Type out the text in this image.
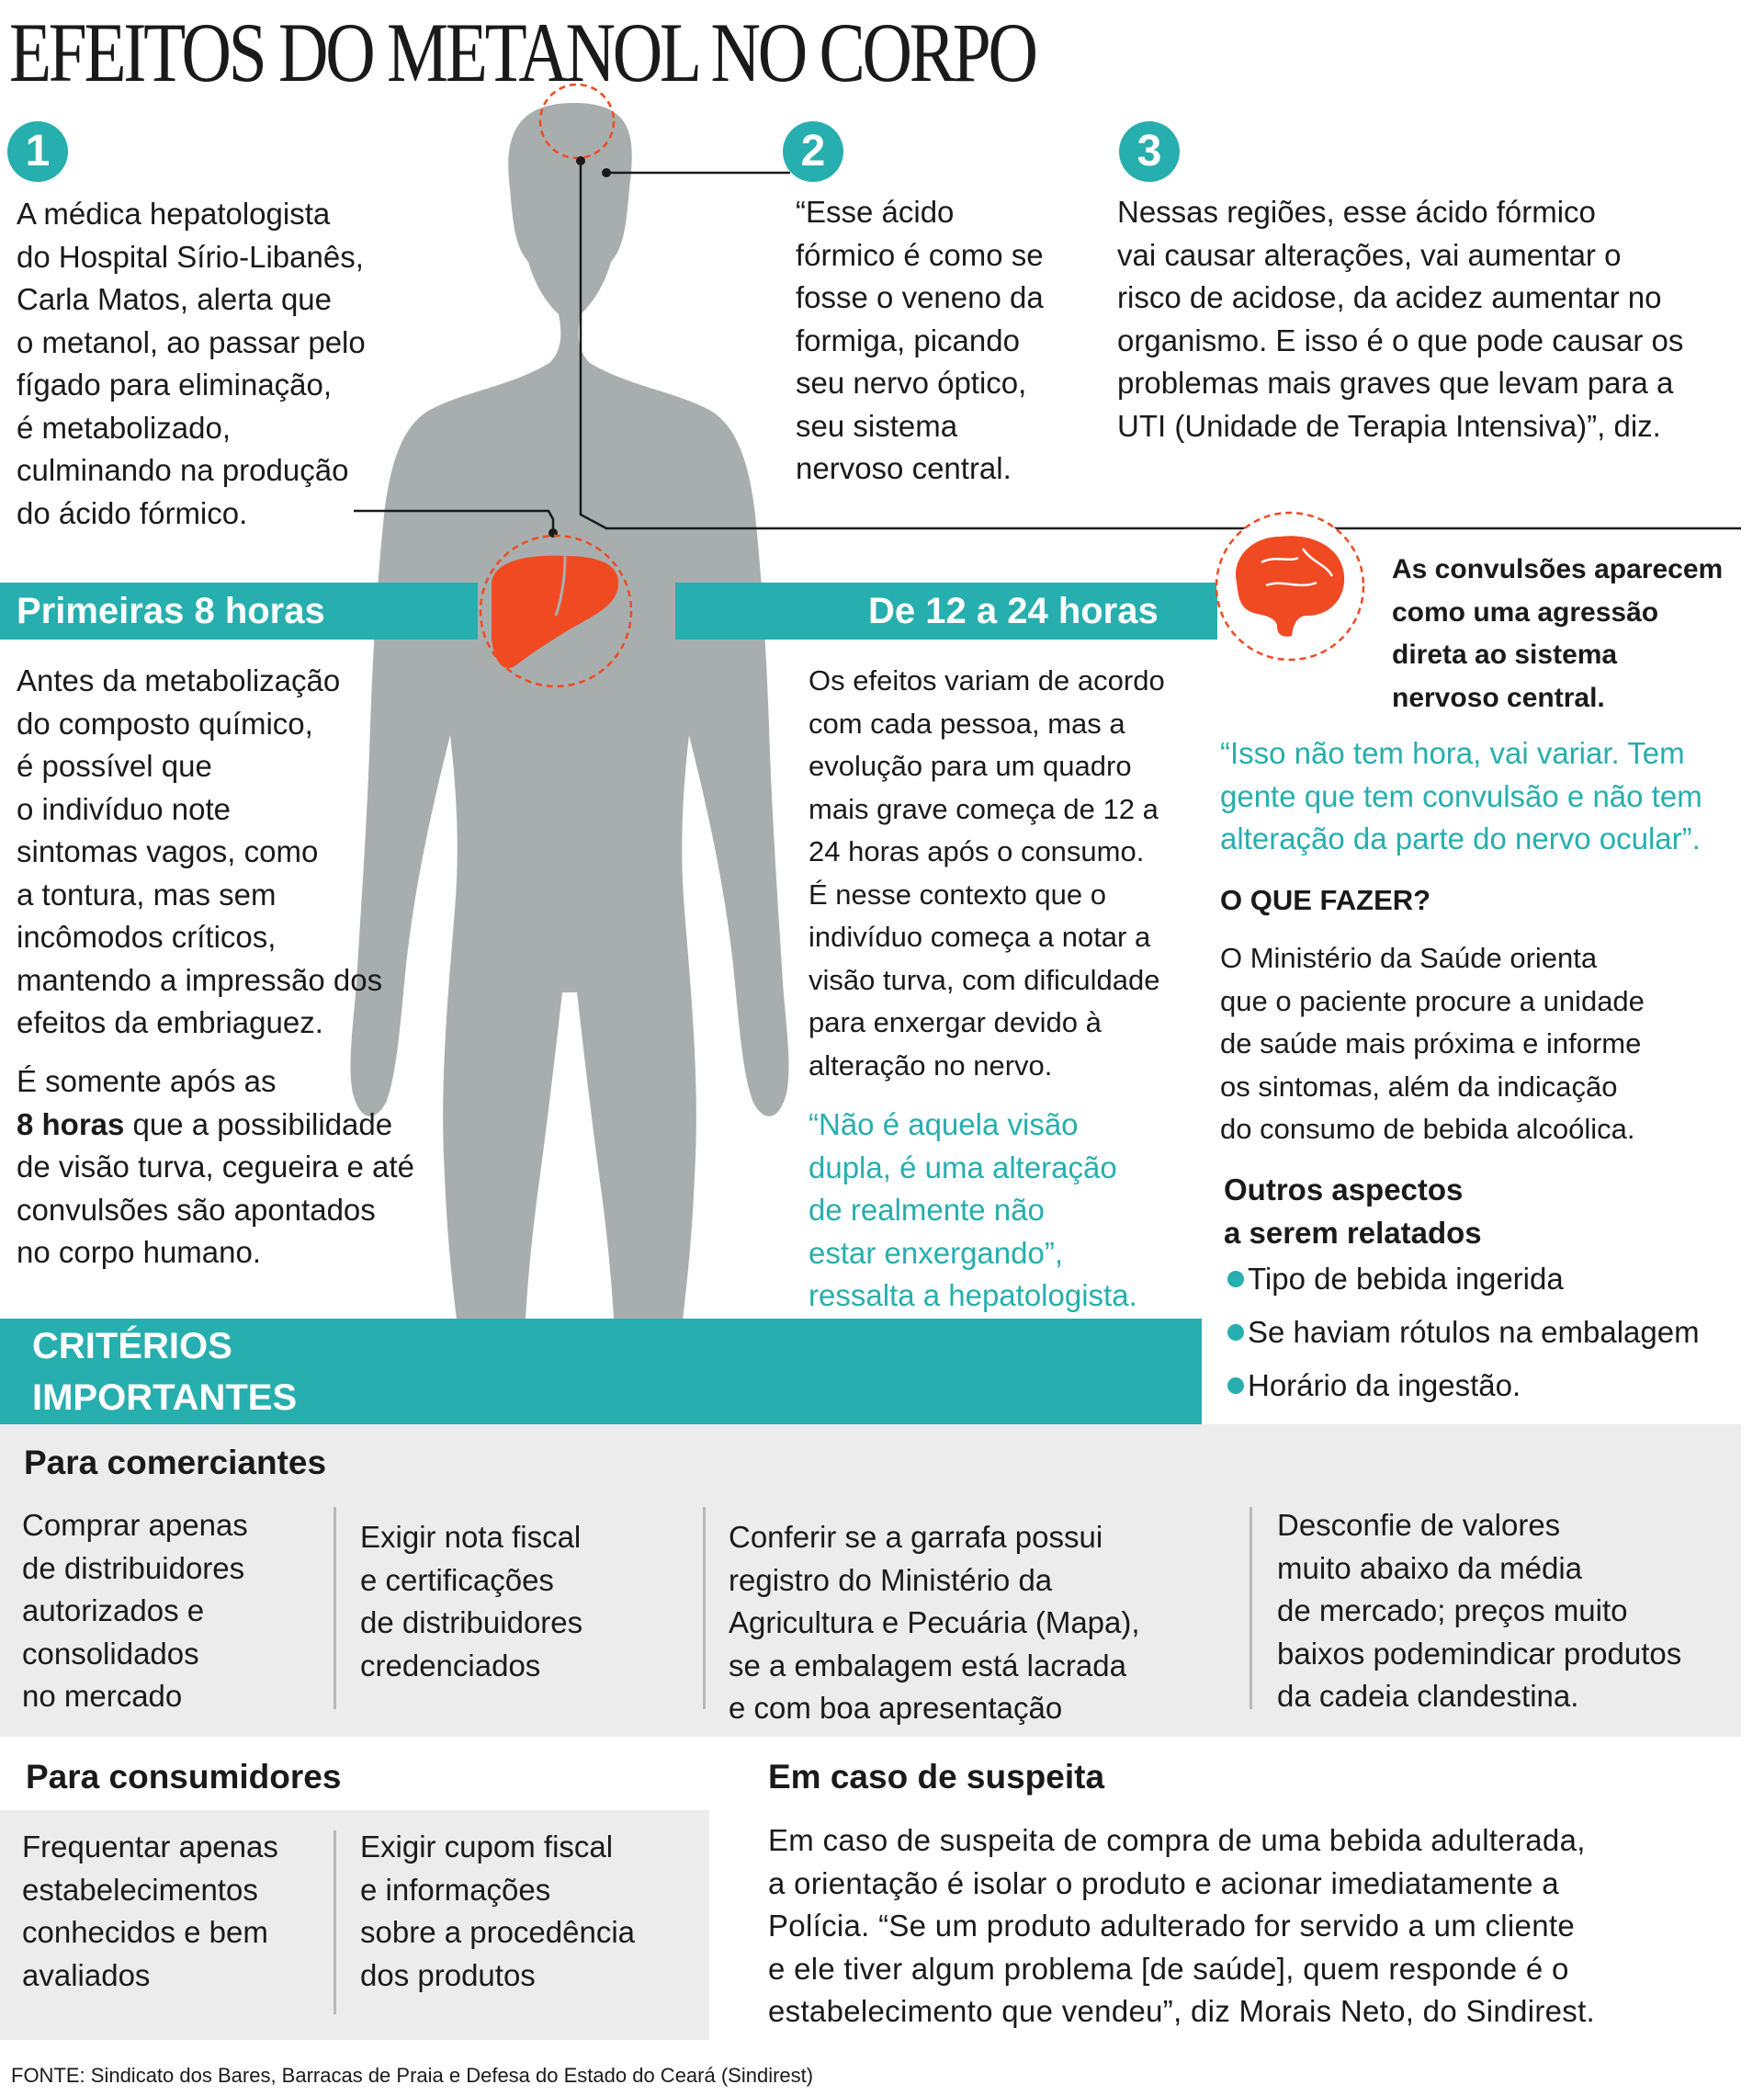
EFEITOS DO METANOL NO CORPO
1
A médica hepatologista
do Hospital Sírio-Libanês,
Carla Matos, alerta que
o metanol, ao passar pelo
fígado para eliminação,
é metabolizado,
culminando na produção
do ácido fórmico.
2
“Esse ácido
fórmico é como se
fosse o veneno da
formiga, picando
seu nervo óptico,
seu sistema
nervoso central.
3
Nessas regiões, esse ácido fórmico
vai causar alterações, vai aumentar o
risco de acidose, da acidez aumentar no
organismo. E isso é o que pode causar os
problemas mais graves que levam para a
UTI (Unidade de Terapia Intensiva)”, diz.
Primeiras 8 horas	De 12 a 24 horas
Antes da metabolização
do composto químico,
é possível que
o indivíduo note
sintomas vagos, como
a tontura, mas sem
incômodos críticos,
mantendo a impressão dos
efeitos da embriaguez.
É somente após as
8 horas que a possibilidade
de visão turva, cegueira e até
convulsões são apontados
no corpo humano.
Os efeitos variam de acordo
com cada pessoa, mas a
evolução para um quadro
mais grave começa de 12 a
24 horas após o consumo.
É nesse contexto que o
indivíduo começa a notar a
visão turva, com dificuldade
para enxergar devido à
alteração no nervo.
“Não é aquela visão
dupla, é uma alteração
de realmente não
estar enxergando”,
ressalta a hepatologista.
As convulsões aparecem
como uma agressão
direta ao sistema
nervoso central.
“Isso não tem hora, vai variar. Tem
gente que tem convulsão e não tem
alteração da parte do nervo ocular”.
O QUE FAZER?
O Ministério da Saúde orienta
que o paciente procure a unidade
de saúde mais próxima e informe
os sintomas, além da indicação
do consumo de bebida alcoólica.
Outros aspectos
a serem relatados
Tipo de bebida ingerida
Se haviam rótulos na embalagem
Horário da ingestão.
CRITÉRIOS
IMPORTANTES
Para comerciantes
Comprar apenas
de distribuidores
autorizados e
consolidados
no mercado
Exigir nota fiscal
e certificações
de distribuidores
credenciados
Conferir se a garrafa possui
registro do Ministério da
Agricultura e Pecuária (Mapa),
se a embalagem está lacrada
e com boa apresentação
Desconfie de valores
muito abaixo da média
de mercado; preços muito
baixos podemindicar produtos
da cadeia clandestina.
Para consumidores
Frequentar apenas
estabelecimentos
conhecidos e bem
avaliados
Exigir cupom fiscal
e informações
sobre a procedência
dos produtos
Em caso de suspeita
Em caso de suspeita de compra de uma bebida adulterada,
a orientação é isolar o produto e acionar imediatamente a
Polícia. “Se um produto adulterado for servido a um cliente
e ele tiver algum problema [de saúde], quem responde é o
estabelecimento que vendeu”, diz Morais Neto, do Sindirest.
FONTE: Sindicato dos Bares, Barracas de Praia e Defesa do Estado do Ceará (Sindirest)
